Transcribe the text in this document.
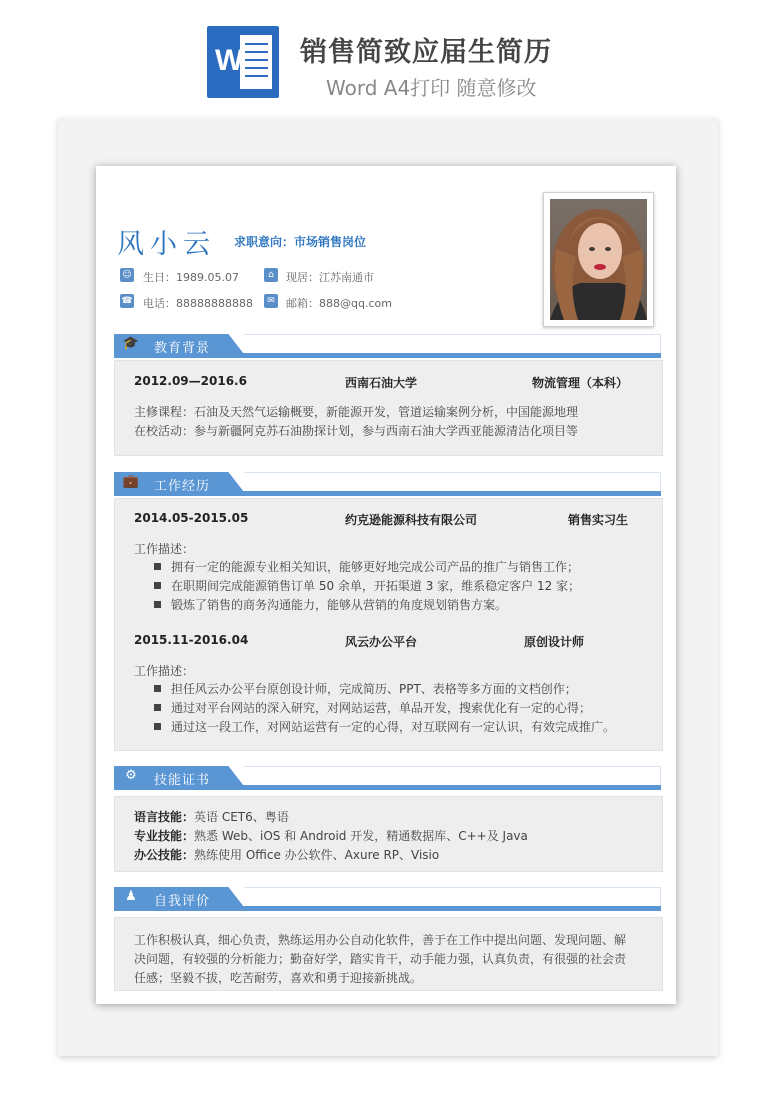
W 销售简致应届生简历
Word A4打印 随意修改
风小云 求职意向：市场销售岗位
☺ 生日：1989.05.07	⌂	现居：江苏南通市
☎ 电话：88888888888	✉ 邮箱：888@qq.com
🎓 教育背景
2012.09—2016.6	西南石油大学	物流管理（本科）
主修课程：石油及天然气运输概要，新能源开发，管道运输案例分析，中国能源地理
在校活动：参与新疆阿克苏石油勘探计划，参与西南石油大学西亚能源清洁化项目等
💼 工作经历
2014.05-2015.05	约克逊能源科技有限公司	销售实习生
工作描述：
拥有一定的能源专业相关知识，能够更好地完成公司产品的推广与销售工作；
在职期间完成能源销售订单 50 余单，开拓渠道 3 家，维系稳定客户 12 家；
锻炼了销售的商务沟通能力，能够从营销的角度规划销售方案。
2015.11-2016.04	风云办公平台	原创设计师
工作描述：
担任风云办公平台原创设计师，完成简历、PPT、表格等多方面的文档创作；
通过对平台网站的深入研究，对网站运营，单品开发，搜索优化有一定的心得；
通过这一段工作，对网站运营有一定的心得，对互联网有一定认识，有效完成推广。
⚙ 技能证书
语言技能：英语 CET6、粤语
专业技能：熟悉 Web、iOS 和 Android 开发，精通数据库、C++及 Java
办公技能：熟练使用 Office 办公软件、Axure RP、Visio
♟ 自我评价
工作积极认真，细心负责，熟练运用办公自动化软件，善于在工作中提出问题、发现问题、解
决问题，有较强的分析能力；勤奋好学，踏实肯干，动手能力强，认真负责，有很强的社会责
任感；坚毅不拔，吃苦耐劳，喜欢和勇于迎接新挑战。
